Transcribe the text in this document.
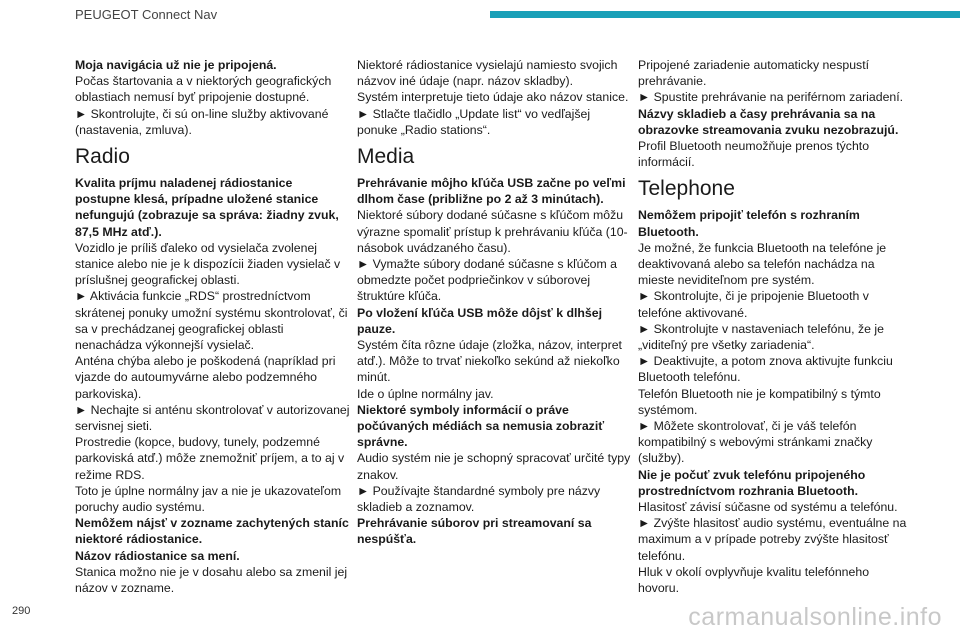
PEUGEOT Connect Nav

Moja navigácia už nie je pripojená.

Počas štartovania a v niektorých geografických oblastiach nemusí byť pripojenie dostupné.

► Skontrolujte, či sú on-line služby aktivované (nastavenia, zmluva).

Radio

Kvalita príjmu naladenej rádiostanice postupne klesá, prípadne uložené stanice nefungujú (zobrazuje sa správa: žiadny zvuk, 87,5 MHz atď.).

Vozidlo je príliš ďaleko od vysielača zvolenej stanice alebo nie je k dispozícii žiaden vysielač v príslušnej geografickej oblasti.

► Aktivácia funkcie „RDS“ prostredníctvom skrátenej ponuky umožní systému skontrolovať, či sa v prechádzanej geografickej oblasti nenachádza výkonnejší vysielač.

Anténa chýba alebo je poškodená (napríklad pri vjazde do autoumyvárne alebo podzemného parkoviska).

► Nechajte si anténu skontrolovať v autorizovanej servisnej sieti.

Prostredie (kopce, budovy, tunely, podzemné parkoviská atď.) môže znemožniť príjem, a to aj v režime RDS.

Toto je úplne normálny jav a nie je ukazovateľom poruchy audio systému.

Nemôžem nájsť v zozname zachytených staníc niektoré rádiostanice.

Názov rádiostanice sa mení.

Stanica možno nie je v dosahu alebo sa zmenil jej názov v zozname.

Niektoré rádiostanice vysielajú namiesto svojich názvov iné údaje (napr. názov skladby).

Systém interpretuje tieto údaje ako názov stanice.

► Stlačte tlačidlo „Update list“ vo vedľajšej ponuke „Radio stations“.

Media

Prehrávanie môjho kľúča USB začne po veľmi dlhom čase (približne po 2 až 3 minútach).

Niektoré súbory dodané súčasne s kľúčom môžu výrazne spomaliť prístup k prehrávaniu kľúča (10-násobok uvádzaného času).

► Vymažte súbory dodané súčasne s kľúčom a obmedzte počet podpriečinkov v súborovej štruktúre kľúča.

Po vložení kľúča USB môže dôjsť k dlhšej pauze.

Systém číta rôzne údaje (zložka, názov, interpret atď.). Môže to trvať niekoľko sekúnd až niekoľko minút.

Ide o úplne normálny jav.

Niektoré symboly informácií o práve počúvaných médiách sa nemusia zobraziť správne.

Audio systém nie je schopný spracovať určité typy znakov.

► Používajte štandardné symboly pre názvy skladieb a zoznamov.

Prehrávanie súborov pri streamovaní sa nespúšťa.

Pripojené zariadenie automaticky nespustí prehrávanie.

► Spustite prehrávanie na periférnom zariadení.

Názvy skladieb a časy prehrávania sa na obrazovke streamovania zvuku nezobrazujú.

Profil Bluetooth neumožňuje prenos týchto informácií.

Telephone

Nemôžem pripojiť telefón s rozhraním Bluetooth.

Je možné, že funkcia Bluetooth na telefóne je deaktivovaná alebo sa telefón nachádza na mieste neviditeľnom pre systém.

► Skontrolujte, či je pripojenie Bluetooth v telefóne aktivované.

► Skontrolujte v nastaveniach telefónu, že je „viditeľný pre všetky zariadenia“.

► Deaktivujte, a potom znova aktivujte funkciu Bluetooth telefónu.

Telefón Bluetooth nie je kompatibilný s týmto systémom.

► Môžete skontrolovať, či je váš telefón kompatibilný s webovými stránkami značky (služby).

Nie je počuť zvuk telefónu pripojeného prostredníctvom rozhrania Bluetooth.

Hlasitosť závisí súčasne od systému a telefónu.

► Zvýšte hlasitosť audio systému, eventuálne na maximum a v prípade potreby zvýšte hlasitosť telefónu.

Hluk v okolí ovplyvňuje kvalitu telefónneho hovoru.

290	carmanualsonline.info
